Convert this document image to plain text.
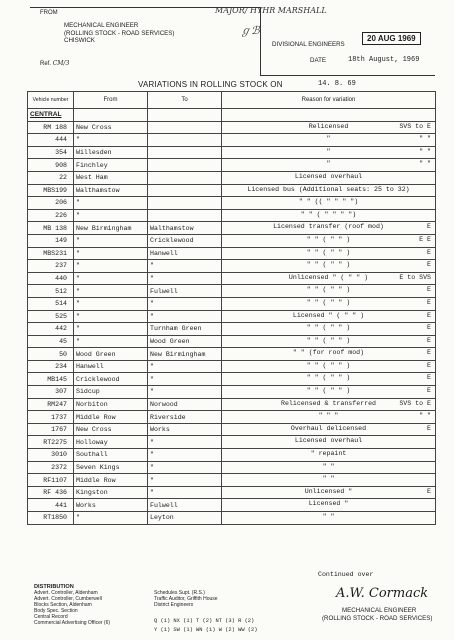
FROM
MECHANICAL ENGINEER
(ROLLING STOCK - ROAD SERVICES)
CHISWICK
Ref. CM/3
MAJOR/ HYHR MARSHALL
ℊℬ
DIVISIONAL ENGINEERS
20 AUG 1969
DATE	18th August, 1969
VARIATIONS IN ROLLING STOCK ON	14. 8. 69
Vehicle number	From	To	Reason for variation
CENTRAL			
RM 188	New Cross		Relicensed SVS to E

444	"		" " "

354	Willesden		" " "

908	Finchley		" " "

22	West Ham		Licensed overhaul

MBS199	Walthamstow		Licensed bus (Additional seats: 25 to 32)

206	"		" " (( " " " ")

226	"		" " ( " " " ")

MB 138	New Birmingham	Walthamstow	Licensed transfer (roof mod) E

149	"	Cricklewood	" " ( " " ) E E

MBS231	"	Hanwell	" " ( " " ) E

237	"	"	" " ( " " ) E

440	"	"	Unlicensed " ( " " ) E to SVS

512	"	Fulwell	" " ( " " ) E

514	"	"	" " ( " " ) E

525	"	"	Licensed " ( " " ) E

442	"	Turnham Green	" " ( " " ) E

45	"	Wood Green	" " ( " " ) E

50	Wood Green	New Birmingham	" " (for roof mod) E

234	Hanwell	"	" " ( " " ) E

MB145	Cricklewood	"	" " ( " " ) E

307	Sidcup	"	" " ( " " ) E

RM247	Norbiton	Norwood	Relicensed & transferred SVS to E

1737	Middle Row	Riverside	" " " " "

1767	New Cross	Works	Overhaul delicensed E

RT2275	Holloway	"	Licensed overhaul

3010	Southall	"	" repaint

2372	Seven Kings	"	" "

RF1107	Middle Row	"	" "

RF 436	Kingston	"	Unlicensed " E

441	Works	Fulwell	Licensed "

RT1850	"	Leyton	" "
Continued over
A.W. Cormack
MECHANICAL ENGINEER
(ROLLING STOCK - ROAD SERVICES)
DISTRIBUTION
Advert. Controller, Aldenham
Advert. Controller, Cumberwell
Blocks Section, Aldenham
Body Spec. Section
Central Record
Commercial Advertising Officer (6)
Schedules Supt. (R.S.)
Traffic Auditor, Griffith House
District Engineers
Q (1) NX (1) T (2) NT (3) R (2)
Y (1) SW (1) WN (1) W (2) WW (2)
